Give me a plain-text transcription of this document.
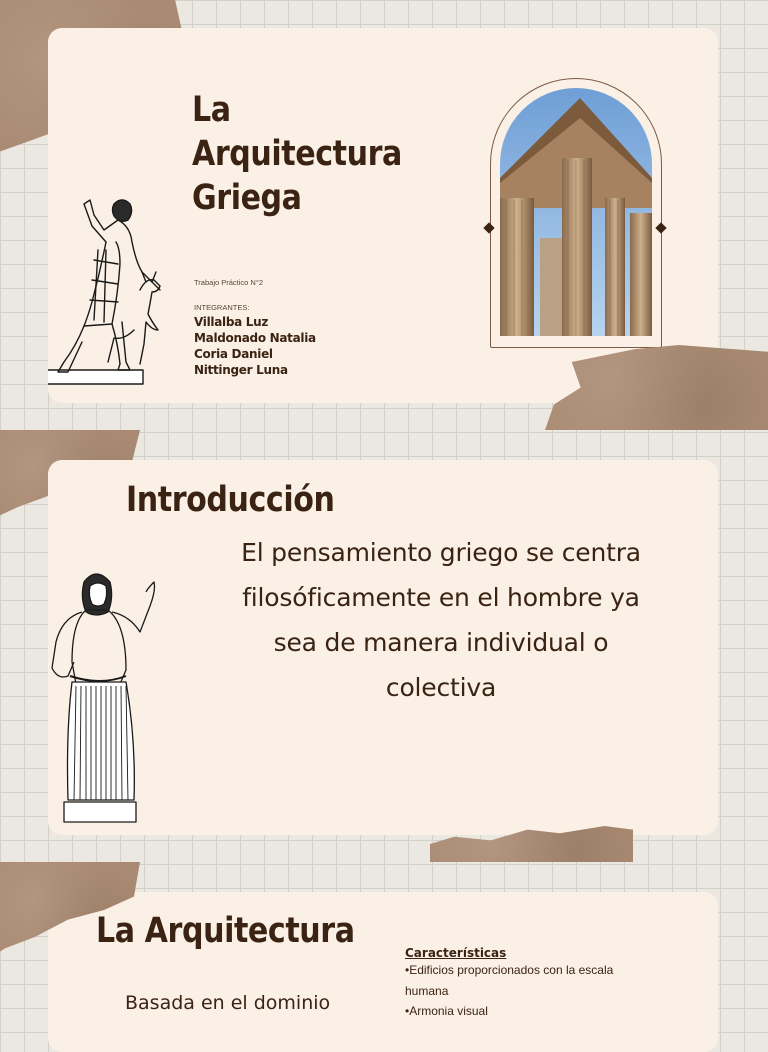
La
Arquitectura
Griega
Trabajo Práctico N°2
INTEGRANTES:
Villalba Luz
Maldonado Natalia
Coria Daniel
Nittinger Luna
Introducción
El pensamiento griego se centra
filosóficamente en el hombre ya
sea de manera individual o
colectiva
La Arquitectura
Basada en el dominio
Características
•Edificios proporcionados con la escala
humana
•Armonia visual
